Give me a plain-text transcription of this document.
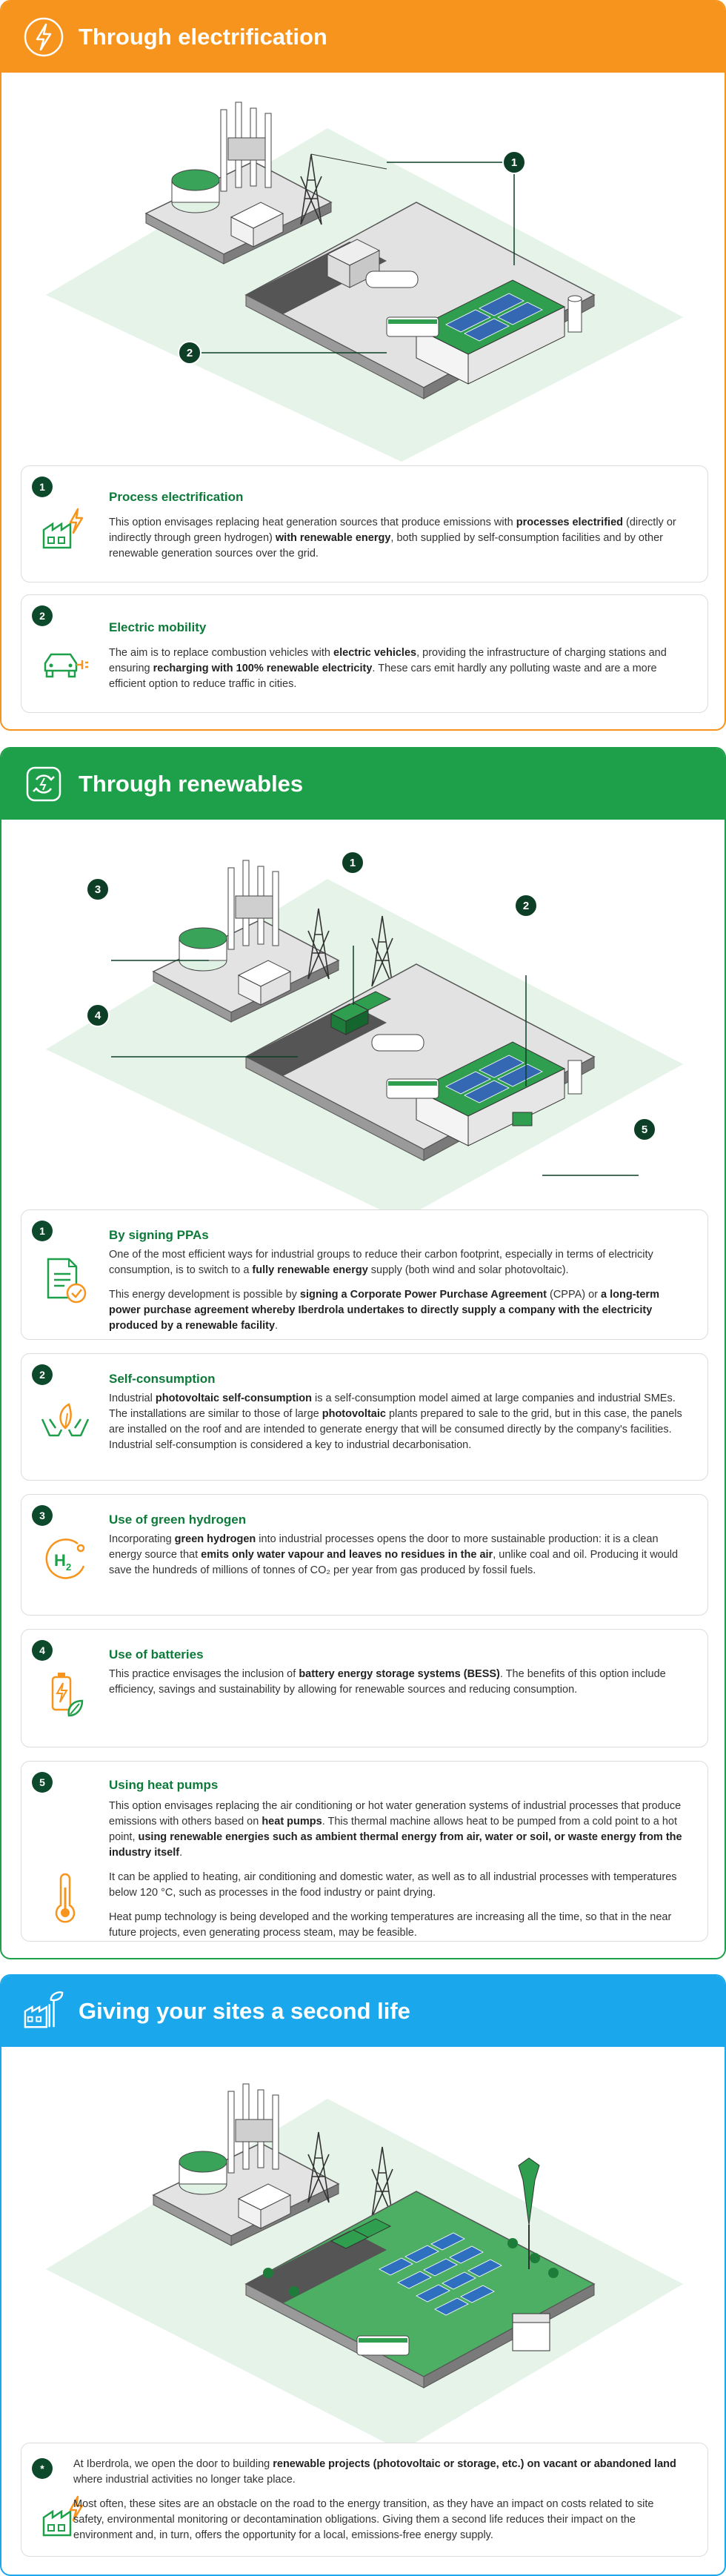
Through electrification
1
2
1
Process electrification

This option envisages replacing heat generation sources that produce emissions with processes electrified (directly or indirectly through green hydrogen) with renewable energy, both supplied by self-consumption facilities and by other renewable generation sources over the grid.

2
Electric mobility

The aim is to replace combustion vehicles with electric vehicles, providing the infrastructure of charging stations and ensuring recharging with 100% renewable electricity. These cars emit hardly any polluting waste and are a more efficient option to reduce traffic in cities.

Through renewables
1
2
3
4
5
1	By signing PPAs

One of the most efficient ways for industrial groups to reduce their carbon footprint, especially in terms of electricity consumption, is to switch to a fully renewable energy supply (both wind and solar photovoltaic).

This energy development is possible by signing a Corporate Power Purchase Agreement (CPPA) or a long-term power purchase agreement whereby Iberdrola undertakes to directly supply a company with the electricity produced by a renewable facility.

2	Self-consumption

Industrial photovoltaic self-consumption is a self-consumption model aimed at large companies and industrial SMEs. The installations are similar to those of large photovoltaic plants prepared to sale to the grid, but in this case, the panels are installed on the roof and are intended to generate energy that will be consumed directly by the company's facilities. Industrial self-consumption is considered a key to industrial decarbonisation.

3
H 2
Use of green hydrogen

Incorporating green hydrogen into industrial processes opens the door to more sustainable production: it is a clean energy source that emits only water vapour and leaves no residues in the air, unlike coal and oil. Producing it would save the hundreds of millions of tonnes of CO₂ per year from gas produced by fossil fuels.

4	Use of batteries

This practice envisages the inclusion of battery energy storage systems (BESS). The benefits of this option include efficiency, savings and sustainability by allowing for renewable sources and reducing consumption.

5	Using heat pumps

This option envisages replacing the air conditioning or hot water generation systems of industrial processes that produce emissions with others based on heat pumps. This thermal machine allows heat to be pumped from a cold point to a hot point, using renewable energies such as ambient thermal energy from air, water or soil, or waste energy from the industry itself.

It can be applied to heating, air conditioning and domestic water, as well as to all industrial processes with temperatures below 120 °C, such as processes in the food industry or paint drying.

Heat pump technology is being developed and the working temperatures are increasing all the time, so that in the near future projects, even generating process steam, may be feasible.

Giving your sites a second life
*	At Iberdrola, we open the door to building renewable projects (photovoltaic or storage, etc.) on vacant or abandoned land where industrial activities no longer take place.

Most often, these sites are an obstacle on the road to the energy transition, as they have an impact on costs related to site safety, environmental monitoring or decontamination obligations. Giving them a second life reduces their impact on the environment and, in turn, offers the opportunity for a local, emissions-free energy supply.
